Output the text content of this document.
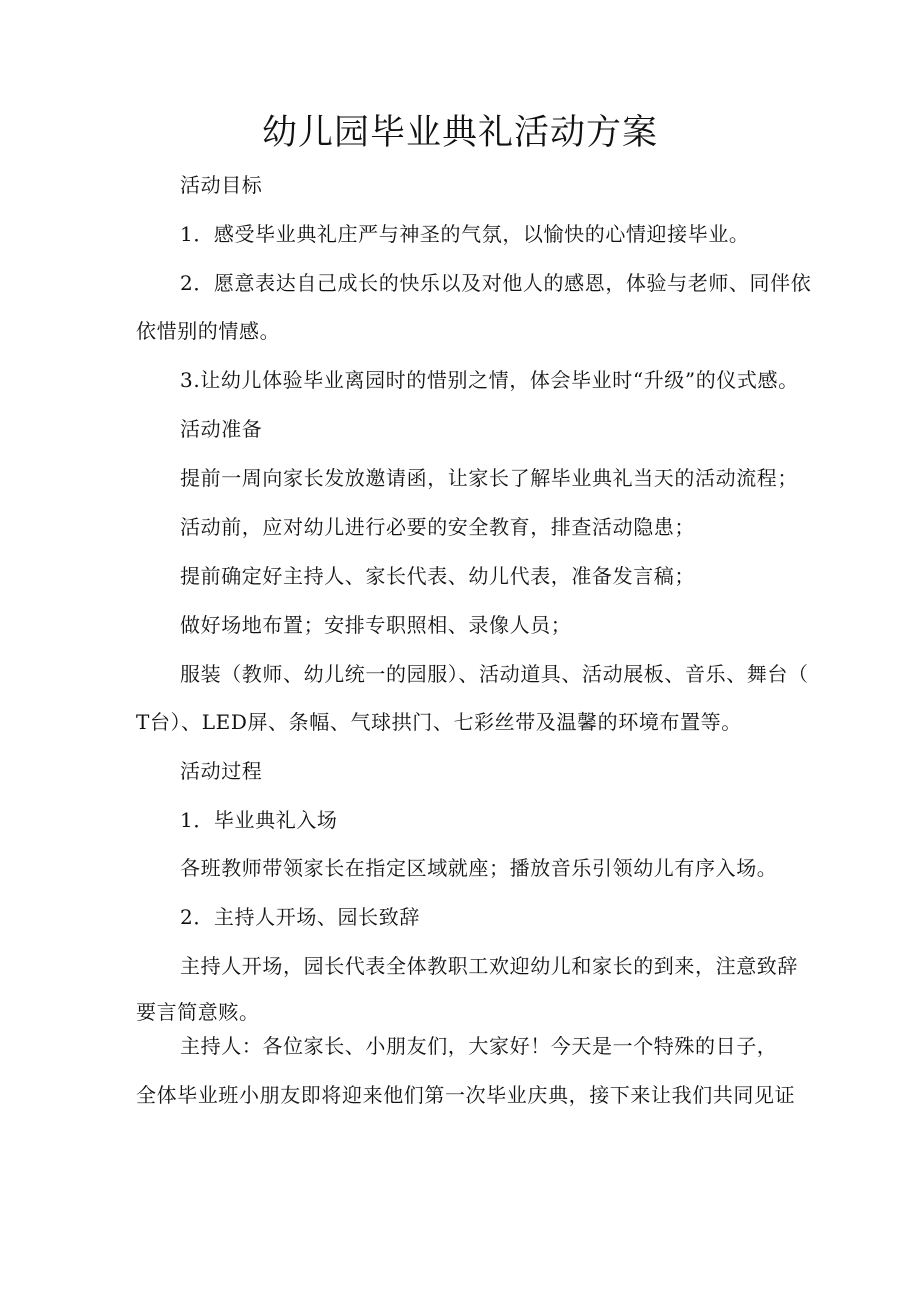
幼儿园毕业典礼活动方案

活动目标

1．感受毕业典礼庄严与神圣的气氛，以愉快的心情迎接毕业。

2．愿意表达自己成长的快乐以及对他人的感恩，体验与老师、同伴依

依惜别的情感。

3.让幼儿体验毕业离园时的惜别之情，体会毕业时“升级”的仪式感。

活动准备

提前一周向家长发放邀请函，让家长了解毕业典礼当天的活动流程；

活动前，应对幼儿进行必要的安全教育，排查活动隐患；

提前确定好主持人、家长代表、幼儿代表，准备发言稿；

做好场地布置；安排专职照相、录像人员；

服装（教师、幼儿统一的园服）、活动道具、活动展板、音乐、舞台（

T台）、LED屏、条幅、气球拱门、七彩丝带及温馨的环境布置等。

活动过程

1．毕业典礼入场

各班教师带领家长在指定区域就座；播放音乐引领幼儿有序入场。

2．主持人开场、园长致辞

主持人开场，园长代表全体教职工欢迎幼儿和家长的到来，注意致辞

要言简意赅。

主持人：各位家长、小朋友们，大家好！今天是一个特殊的日子，

全体毕业班小朋友即将迎来他们第一次毕业庆典，接下来让我们共同见证
